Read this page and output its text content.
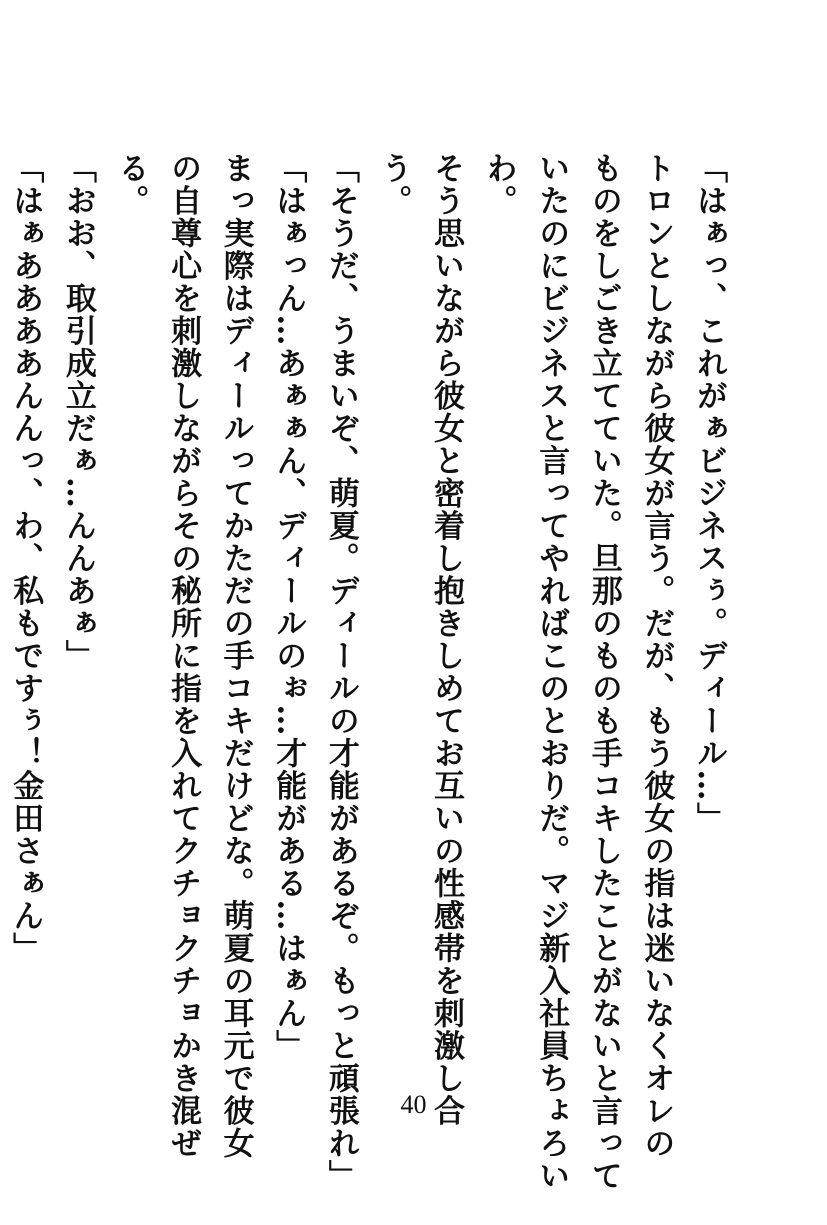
「はぁっ、これがぁビジネスぅ。ディール…」
トロンとしながら彼女が言う。だが、もう彼女の指は迷いなくオレの
ものをしごき立てていた。旦那のものも手コキしたことがないと言って
いたのにビジネスと言ってやればこのとおりだ。マジ新入社員ちょろい
わ。
そう思いながら彼女と密着し抱きしめてお互いの性感帯を刺激し合
う。
「そうだ、うまいぞ、萌夏。ディールの才能があるぞ。もっと頑張れ」
「はぁっん…あぁぁん、ディールのぉ…才能がある…はぁん」
まっ実際はディールってかただの手コキだけどな。萌夏の耳元で彼女
の自尊心を刺激しながらその秘所に指を入れてクチョクチョかき混ぜ
る。
「おお、取引成立だぁ…んんあぁ」
「はぁああああんんっ、わ、私もですぅ！金田さぁん」
40
